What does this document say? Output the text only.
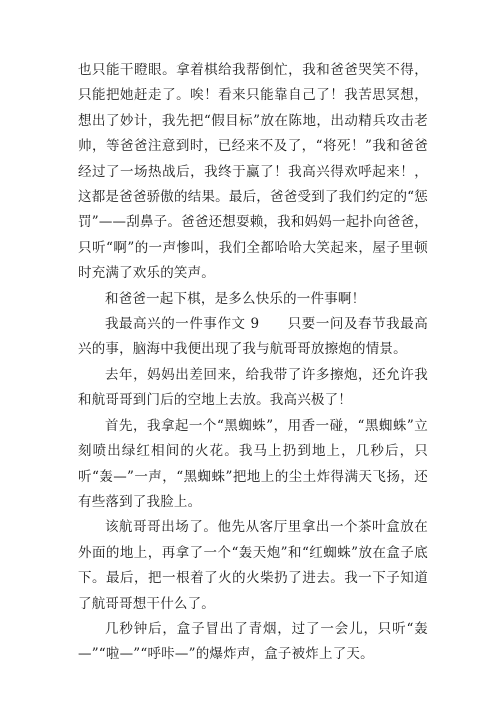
也只能干瞪眼。拿着棋给我帮倒忙，我和爸爸哭笑不得，只能把她赶走了。唉！看来只能靠自己了！我苦思冥想，想出了妙计，我先把“假目标”放在陈地，出动精兵攻击老帅，等爸爸注意到时，已经来不及了，“将死！”我和爸爸经过了一场热战后，我终于赢了！我高兴得欢呼起来！，这都是爸爸骄傲的结果。最后，爸爸受到了我们约定的“惩罚”——刮鼻子。爸爸还想耍赖，我和妈妈一起扑向爸爸，只听“啊”的一声惨叫，我们全都哈哈大笑起来，屋子里顿时充满了欢乐的笑声。

和爸爸一起下棋，是多么快乐的一件事啊！

我最高兴的一件事作文 9　　只要一问及春节我最高兴的事，脑海中我便出现了我与航哥哥放擦炮的情景。

去年，妈妈出差回来，给我带了许多擦炮，还允许我和航哥哥到门后的空地上去放。我高兴极了！

首先，我拿起一个“黑蜘蛛”，用香一碰，“黑蜘蛛”立刻喷出绿红相间的火花。我马上扔到地上，几秒后，只听“轰—”一声，“黑蜘蛛”把地上的尘土炸得满天飞扬，还有些落到了我脸上。

该航哥哥出场了。他先从客厅里拿出一个茶叶盒放在外面的地上，再拿了一个“轰天炮”和“红蜘蛛”放在盒子底下。最后，把一根着了火的火柴扔了进去。我一下子知道了航哥哥想干什么了。

几秒钟后，盒子冒出了青烟，过了一会儿，只听“轰—”“啦—”“呼咔—”的爆炸声，盒子被炸上了天。
